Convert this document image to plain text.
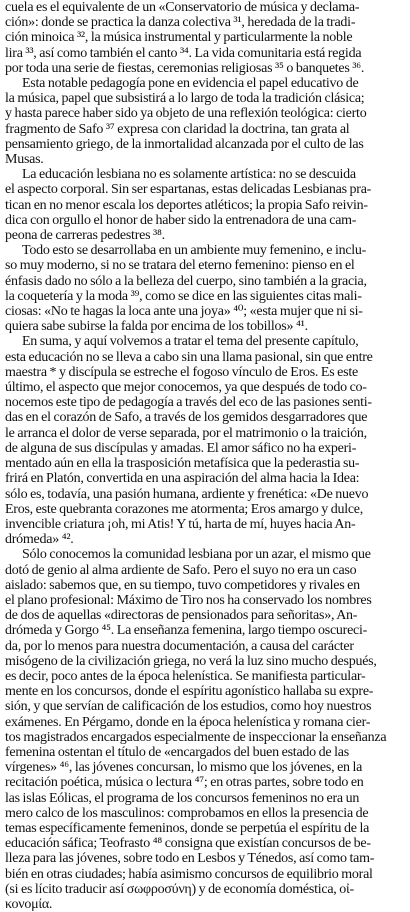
cuela es el equivalente de un «Conservatorio de música y declama-
ción»: donde se practica la danza colectiva ³¹, heredada de la tradi-
ción minoica ³², la música instrumental y particularmente la noble
lira ³³, así como también el canto ³⁴. La vida comunitaria está regida
por toda una serie de fiestas, ceremonias religiosas ³⁵ o banquetes ³⁶.
Esta notable pedagogía pone en evidencia el papel educativo de
la música, papel que subsistirá a lo largo de toda la tradición clásica;
y hasta parece haber sido ya objeto de una reflexión teológica: cierto
fragmento de Safo ³⁷ expresa con claridad la doctrina, tan grata al
pensamiento griego, de la inmortalidad alcanzada por el culto de las
Musas.
La educación lesbiana no es solamente artística: no se descuida
el aspecto corporal. Sin ser espartanas, estas delicadas Lesbianas pra-
tican en no menor escala los deportes atléticos; la propia Safo reivin-
dica con orgullo el honor de haber sido la entrenadora de una cam-
peona de carreras pedestres ³⁸.
Todo esto se desarrollaba en un ambiente muy femenino, e inclu-
so muy moderno, si no se tratara del eterno femenino: pienso en el
énfasis dado no sólo a la belleza del cuerpo, sino también a la gracia,
la coquetería y la moda ³⁹, como se dice en las siguientes citas mali-
ciosas: «No te hagas la loca ante una joya» ⁴⁰; «esta mujer que ni si-
quiera sabe subirse la falda por encima de los tobillos» ⁴¹.
En suma, y aquí volvemos a tratar el tema del presente capítulo,
esta educación no se lleva a cabo sin una llama pasional, sin que entre
maestra * y discípula se estreche el fogoso vínculo de Eros. Es este
último, el aspecto que mejor conocemos, ya que después de todo co-
nocemos este tipo de pedagogía a través del eco de las pasiones senti-
das en el corazón de Safo, a través de los gemidos desgarradores que
le arranca el dolor de verse separada, por el matrimonio o la traición,
de alguna de sus discípulas y amadas. El amor sáfico no ha experi-
mentado aún en ella la trasposición metafísica que la pederastia su-
frirá en Platón, convertida en una aspiración del alma hacia la Idea:
sólo es, todavía, una pasión humana, ardiente y frenética: «De nuevo
Eros, este quebranta corazones me atormenta; Eros amargo y dulce,
invencible criatura ¡oh, mi Atis! Y tú, harta de mí, huyes hacia An-
drómeda» ⁴².
Sólo conocemos la comunidad lesbiana por un azar, el mismo que
dotó de genio al alma ardiente de Safo. Pero el suyo no era un caso
aislado: sabemos que, en su tiempo, tuvo competidores y rivales en
el plano profesional: Máximo de Tiro nos ha conservado los nombres
de dos de aquellas «directoras de pensionados para señoritas», An-
drómeda y Gorgo ⁴⁵. La enseñanza femenina, largo tiempo oscureci-
da, por lo menos para nuestra documentación, a causa del carácter
misógeno de la civilización griega, no verá la luz sino mucho después,
es decir, poco antes de la época helenística. Se manifiesta particular-
mente en los concursos, donde el espíritu agonístico hallaba su expre-
sión, y que servían de calificación de los estudios, como hoy nuestros
exámenes. En Pérgamo, donde en la época helenística y romana cier-
tos magistrados encargados especialmente de inspeccionar la enseñanza
femenina ostentan el título de «encargados del buen estado de las
vírgenes» ⁴⁶, las jóvenes concursan, lo mismo que los jóvenes, en la
recitación poética, música o lectura ⁴⁷; en otras partes, sobre todo en
las islas Eólicas, el programa de los concursos femeninos no era un
mero calco de los masculinos: comprobamos en ellos la presencia de
temas específicamente femeninos, donde se perpetúa el espíritu de la
educación sáfica; Teofrasto ⁴⁸ consigna que existían concursos de be-
lleza para las jóvenes, sobre todo en Lesbos y Ténedos, así como tam-
bién en otras ciudades; había asimismo concursos de equilibrio moral
(si es lícito traducir así σωφροσύνη) y de economía doméstica, οἰ-
κονομία.
